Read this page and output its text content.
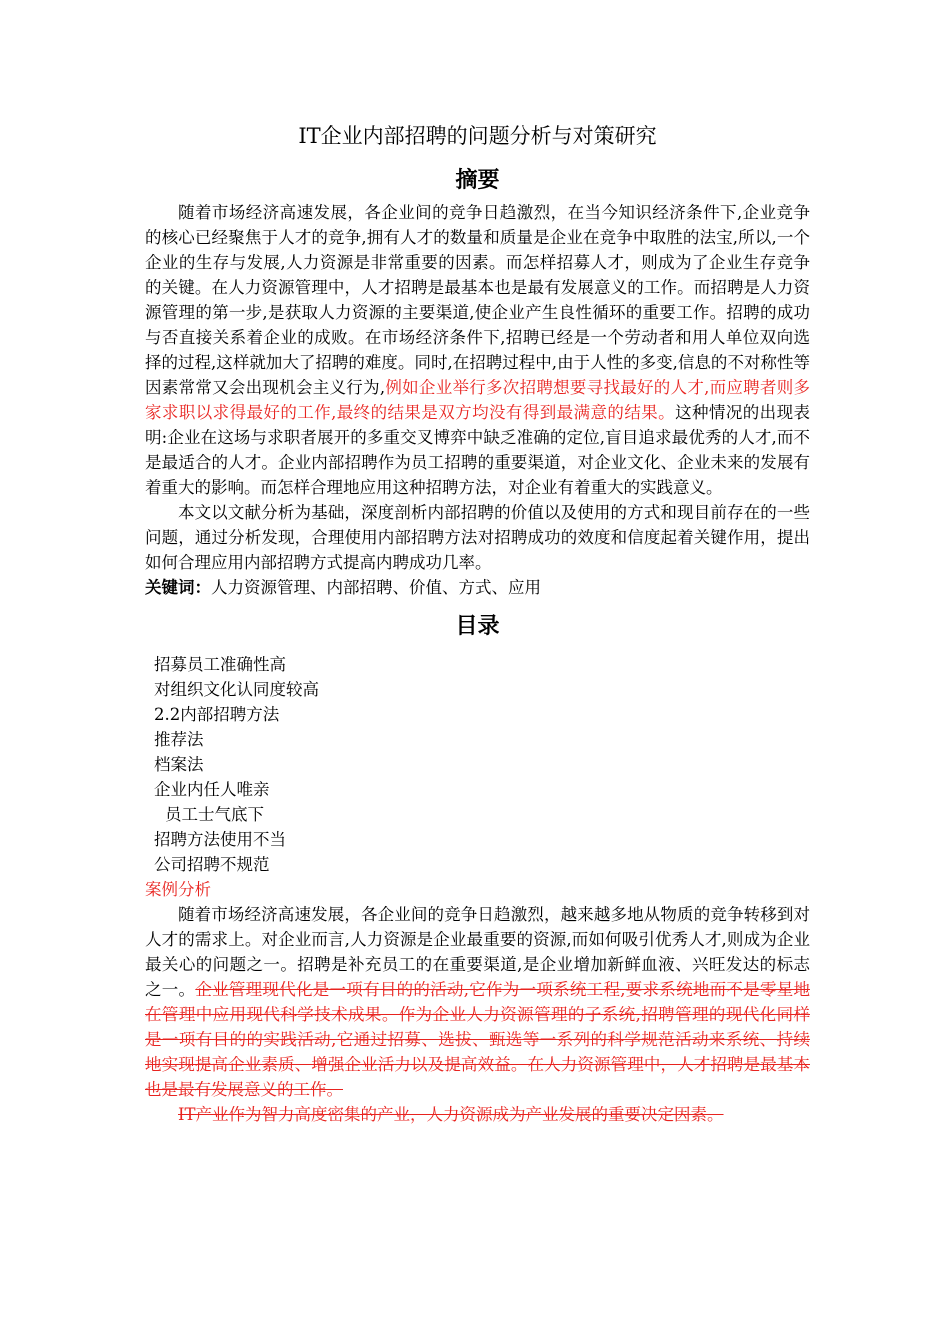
IT企业内部招聘的问题分析与对策研究
摘要

随着市场经济高速发展，各企业间的竞争日趋激烈，在当今知识经济条件下,企业竞争的核心已经聚焦于人才的竞争,拥有人才的数量和质量是企业在竞争中取胜的法宝,所以,一个企业的生存与发展,人力资源是非常重要的因素。而怎样招募人才，则成为了企业生存竞争的关键。在人力资源管理中，人才招聘是最基本也是最有发展意义的工作。而招聘是人力资源管理的第一步,是获取人力资源的主要渠道,使企业产生良性循环的重要工作。招聘的成功与否直接关系着企业的成败。在市场经济条件下,招聘已经是一个劳动者和用人单位双向选择的过程,这样就加大了招聘的难度。同时,在招聘过程中,由于人性的多变,信息的不对称性等因素常常又会出现机会主义行为,例如企业举行多次招聘想要寻找最好的人才,而应聘者则多家求职以求得最好的工作,最终的结果是双方均没有得到最满意的结果。这种情况的出现表明:企业在这场与求职者展开的多重交叉博弈中缺乏准确的定位,盲目追求最优秀的人才,而不是最适合的人才。企业内部招聘作为员工招聘的重要渠道，对企业文化、企业未来的发展有着重大的影响。而怎样合理地应用这种招聘方法，对企业有着重大的实践意义。

本文以文献分析为基础，深度剖析内部招聘的价值以及使用的方式和现目前存在的一些问题，通过分析发现，合理使用内部招聘方法对招聘成功的效度和信度起着关键作用，提出如何合理应用内部招聘方式提高内聘成功几率。

关键词：人力资源管理、内部招聘、价值、方式、应用

目录
招募员工准确性高
对组织文化认同度较高
2.2内部招聘方法
推荐法
档案法
企业内任人唯亲
员工士气底下
招聘方法使用不当
公司招聘不规范

案例分析

随着市场经济高速发展，各企业间的竞争日趋激烈，越来越多地从物质的竞争转移到对人才的需求上。对企业而言,人力资源是企业最重要的资源,而如何吸引优秀人才,则成为企业最关心的问题之一。招聘是补充员工的在重要渠道,是企业增加新鲜血液、兴旺发达的标志之一。企业管理现代化是一项有目的的活动,它作为一项系统工程,要求系统地而不是零星地在管理中应用现代科学技术成果。作为企业人力资源管理的子系统,招聘管理的现代化同样是一项有目的的实践活动,它通过招募、选拔、甄选等一系列的科学规范活动来系统、持续地实现提高企业素质、增强企业活力以及提高效益。在人力资源管理中，人才招聘是最基本也是最有发展意义的工作。

IT产业作为智力高度密集的产业，人力资源成为产业发展的重要决定因素。
